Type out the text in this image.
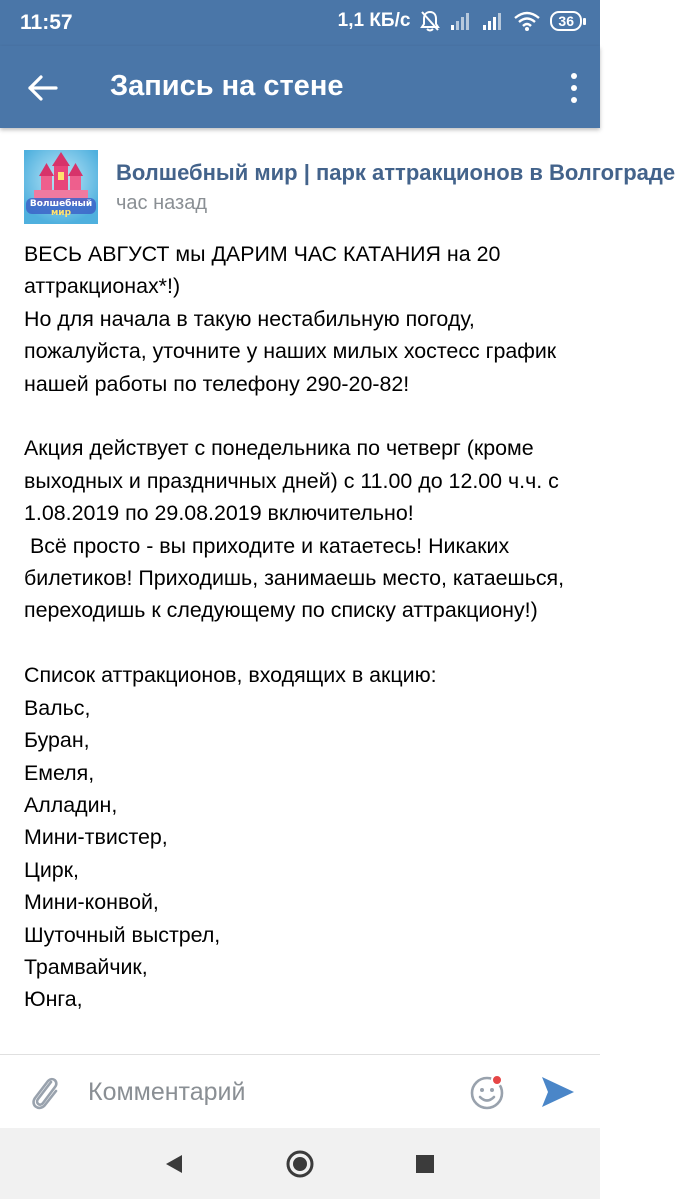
11:57	1,1 КБ/с	36
Запись на стене
Волшебный
мир
Волшебный мир | парк аттракционов в Волгограде
час назад
ВЕСЬ АВГУСТ мы ДАРИМ ЧАС КАТАНИЯ на 20 аттракционах*!)
Но для начала в такую нестабильную погоду, пожалуйста, уточните у наших милых хостесс график нашей работы по телефону 290-20-82!

Акция действует с понедельника по четверг (кроме выходных и праздничных дней) с 11.00 до 12.00 ч.ч. с 1.08.2019 по 29.08.2019 включительно!
Всё просто - вы приходите и катаетесь! Никаких билетиков! Приходишь, занимаешь место, катаешься, переходишь к следующему по списку аттракциону!)

Список аттракционов, входящих в акцию:
Вальс,
Буран,
Емеля,
Алладин,
Мини-твистер,
Цирк,
Мини-конвой,
Шуточный выстрел,
Трамвайчик,
Юнга,
Комментарий
